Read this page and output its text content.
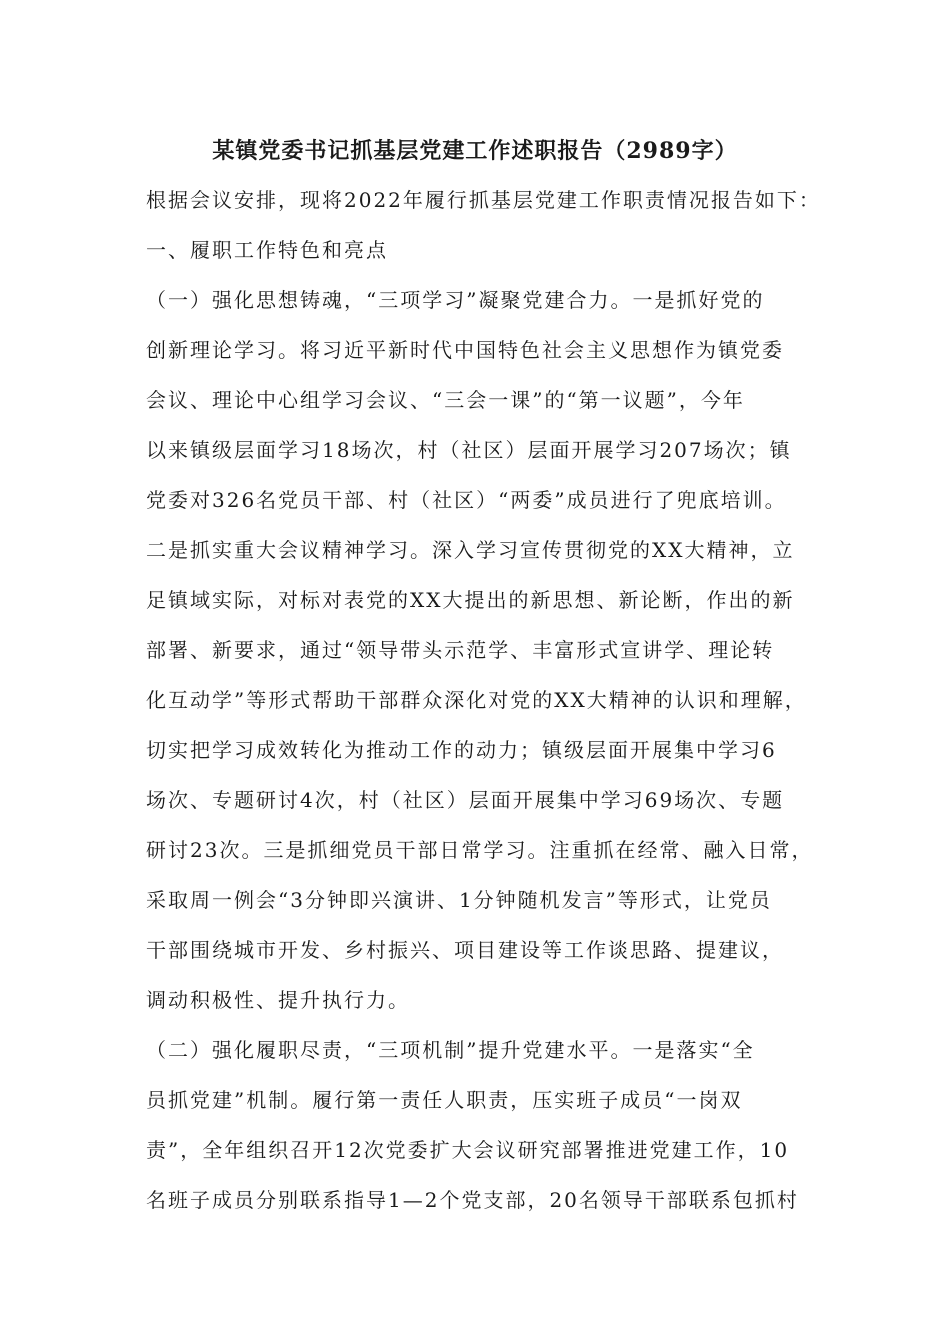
某镇党委书记抓基层党建工作述职报告（2989字）
根据会议安排，现将2022年履行抓基层党建工作职责情况报告如下：
一、履职工作特色和亮点
（一）强化思想铸魂，“三项学习”凝聚党建合力。一是抓好党的
创新理论学习。将习近平新时代中国特色社会主义思想作为镇党委
会议、理论中心组学习会议、“三会一课”的“第一议题”，今年
以来镇级层面学习18场次，村（社区）层面开展学习207场次；镇
党委对326名党员干部、村（社区）“两委”成员进行了兜底培训。
二是抓实重大会议精神学习。深入学习宣传贯彻党的XX大精神，立
足镇域实际，对标对表党的XX大提出的新思想、新论断，作出的新
部署、新要求，通过“领导带头示范学、丰富形式宣讲学、理论转
化互动学”等形式帮助干部群众深化对党的XX大精神的认识和理解，
切实把学习成效转化为推动工作的动力；镇级层面开展集中学习6
场次、专题研讨4次，村（社区）层面开展集中学习69场次、专题
研讨23次。三是抓细党员干部日常学习。注重抓在经常、融入日常，
采取周一例会“3分钟即兴演讲、1分钟随机发言”等形式，让党员
干部围绕城市开发、乡村振兴、项目建设等工作谈思路、提建议，
调动积极性、提升执行力。
（二）强化履职尽责，“三项机制”提升党建水平。一是落实“全
员抓党建”机制。履行第一责任人职责，压实班子成员“一岗双
责”，全年组织召开12次党委扩大会议研究部署推进党建工作，10
名班子成员分别联系指导1—2个党支部，20名领导干部联系包抓村
